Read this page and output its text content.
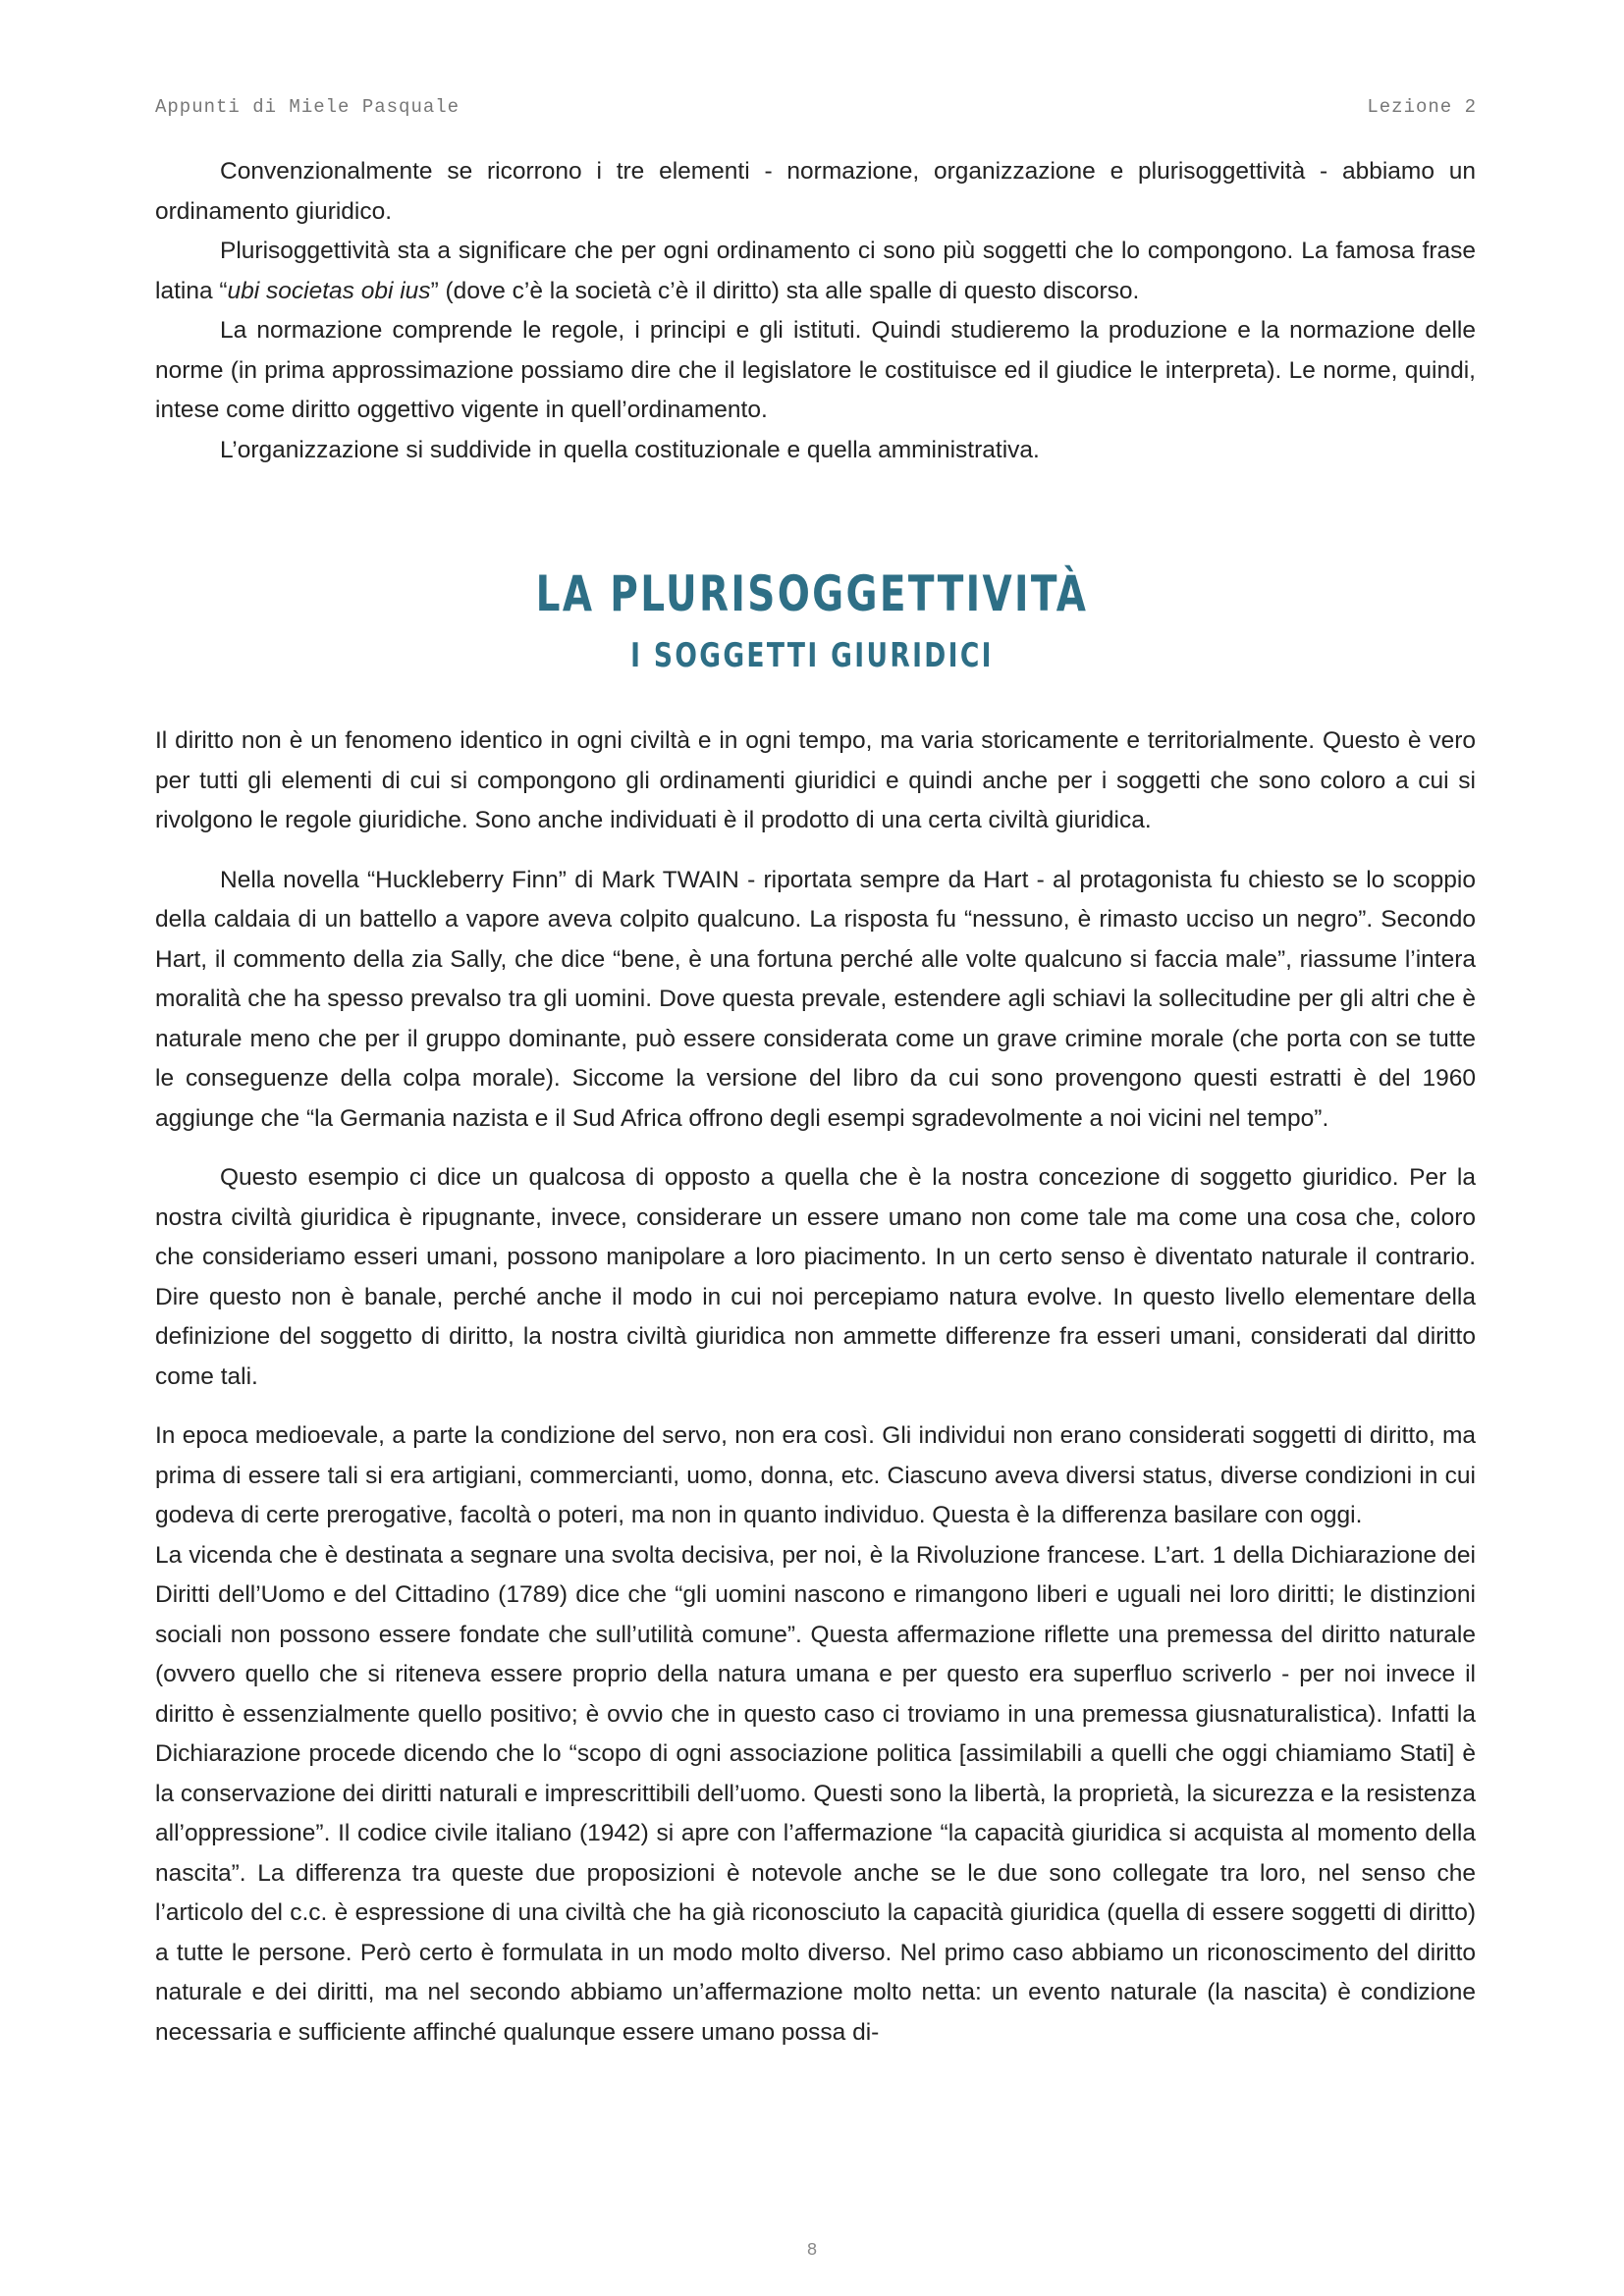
Appunti di Miele Pasquale	Lezione 2

Convenzionalmente se ricorrono i tre elementi - normazione, organizzazione e plurisoggettività - abbiamo un ordinamento giuridico.

Plurisoggettività sta a significare che per ogni ordinamento ci sono più soggetti che lo compongono. La famosa frase latina “ubi societas obi ius” (dove c’è la società c’è il diritto) sta alle spalle di questo discorso.

La normazione comprende le regole, i principi e gli istituti. Quindi studieremo la produzione e la normazione delle norme (in prima approssimazione possiamo dire che il legislatore le costituisce ed il giudice le interpreta). Le norme, quindi, intese come diritto oggettivo vigente in quell’ordinamento.

L’organizzazione si suddivide in quella costituzionale e quella amministrativa.

LA PLURISOGGETTIVITÀ
I SOGGETTI GIURIDICI

Il diritto non è un fenomeno identico in ogni civiltà e in ogni tempo, ma varia storicamente e territorialmente. Questo è vero per tutti gli elementi di cui si compongono gli ordinamenti giuridici e quindi anche per i soggetti che sono coloro a cui si rivolgono le regole giuridiche. Sono anche individuati è il prodotto di una certa civiltà giuridica.

Nella novella “Huckleberry Finn” di Mark TWAIN - riportata sempre da Hart - al protagonista fu chiesto se lo scoppio della caldaia di un battello a vapore aveva colpito qualcuno. La risposta fu “nessuno, è rimasto ucciso un negro”. Secondo Hart, il commento della zia Sally, che dice “bene, è una fortuna perché alle volte qualcuno si faccia male”, riassume l’intera moralità che ha spesso prevalso tra gli uomini. Dove questa prevale, estendere agli schiavi la sollecitudine per gli altri che è naturale meno che per il gruppo dominante, può essere considerata come un grave crimine morale (che porta con se tutte le conseguenze della colpa morale). Siccome la versione del libro da cui sono provengono questi estratti è del 1960 aggiunge che “la Germania nazista e il Sud Africa offrono degli esempi sgradevolmente a noi vicini nel tempo”.

Questo esempio ci dice un qualcosa di opposto a quella che è la nostra concezione di soggetto giuridico. Per la nostra civiltà giuridica è ripugnante, invece, considerare un essere umano non come tale ma come una cosa che, coloro che consideriamo esseri umani, possono manipolare a loro piacimento. In un certo senso è diventato naturale il contrario. Dire questo non è banale, perché anche il modo in cui noi percepiamo natura evolve. In questo livello elementare della definizione del soggetto di diritto, la nostra civiltà giuridica non ammette differenze fra esseri umani, considerati dal diritto come tali.

In epoca medioevale, a parte la condizione del servo, non era così. Gli individui non erano considerati soggetti di diritto, ma prima di essere tali si era artigiani, commercianti, uomo, donna, etc. Ciascuno aveva diversi status, diverse condizioni in cui godeva di certe prerogative, facoltà o poteri, ma non in quanto individuo. Questa è la differenza basilare con oggi.

La vicenda che è destinata a segnare una svolta decisiva, per noi, è la Rivoluzione francese. L’art. 1 della Dichiarazione dei Diritti dell’Uomo e del Cittadino (1789) dice che “gli uomini nascono e rimangono liberi e uguali nei loro diritti; le distinzioni sociali non possono essere fondate che sull’utilità comune”. Questa affermazione riflette una premessa del diritto naturale (ovvero quello che si riteneva essere proprio della natura umana e per questo era superfluo scriverlo - per noi invece il diritto è essenzialmente quello positivo; è ovvio che in questo caso ci troviamo in una premessa giusnaturalistica). Infatti la Dichiarazione procede dicendo che lo “scopo di ogni associazione politica [assimilabili a quelli che oggi chiamiamo Stati] è la conservazione dei diritti naturali e imprescrittibili dell’uomo. Questi sono la libertà, la proprietà, la sicurezza e la resistenza all’oppressione”. Il codice civile italiano (1942) si apre con l’affermazione “la capacità giuridica si acquista al momento della nascita”. La differenza tra queste due proposizioni è notevole anche se le due sono collegate tra loro, nel senso che l’articolo del c.c. è espressione di una civiltà che ha già riconosciuto la capacità giuridica (quella di essere soggetti di diritto) a tutte le persone. Però certo è formulata in un modo molto diverso. Nel primo caso abbiamo un riconoscimento del diritto naturale e dei diritti, ma nel secondo abbiamo un’affermazione molto netta: un evento naturale (la nascita) è condizione necessaria e sufficiente affinché qualunque essere umano possa di-

8
